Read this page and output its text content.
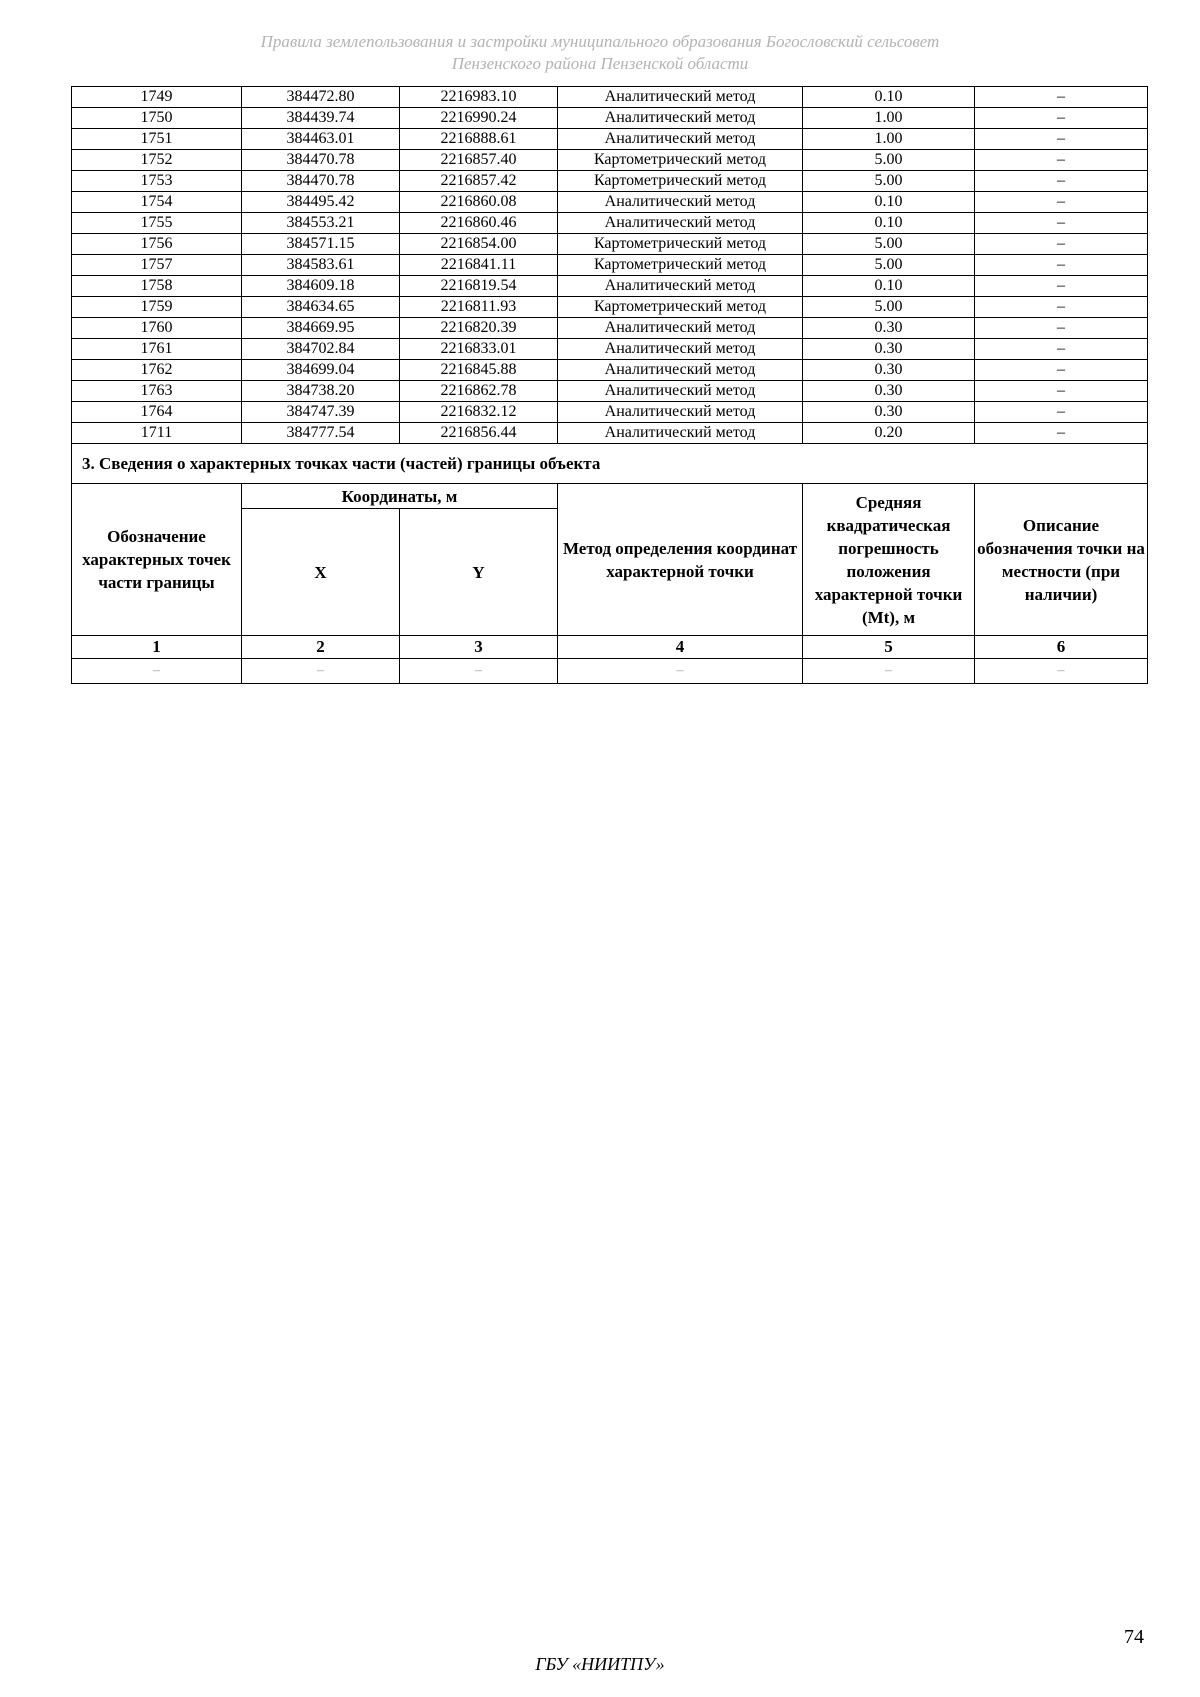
Правила землепользования и застройки муниципального образования Богословский сельсовет
Пензенского района Пензенской области
1749	384472.80	2216983.10	Аналитический метод	0.10	–
1750	384439.74	2216990.24	Аналитический метод	1.00	–
1751	384463.01	2216888.61	Аналитический метод	1.00	–
1752	384470.78	2216857.40	Картометрический метод	5.00	–
1753	384470.78	2216857.42	Картометрический метод	5.00	–
1754	384495.42	2216860.08	Аналитический метод	0.10	–
1755	384553.21	2216860.46	Аналитический метод	0.10	–
1756	384571.15	2216854.00	Картометрический метод	5.00	–
1757	384583.61	2216841.11	Картометрический метод	5.00	–
1758	384609.18	2216819.54	Аналитический метод	0.10	–
1759	384634.65	2216811.93	Картометрический метод	5.00	–
1760	384669.95	2216820.39	Аналитический метод	0.30	–
1761	384702.84	2216833.01	Аналитический метод	0.30	–
1762	384699.04	2216845.88	Аналитический метод	0.30	–
1763	384738.20	2216862.78	Аналитический метод	0.30	–
1764	384747.39	2216832.12	Аналитический метод	0.30	–
1711	384777.54	2216856.44	Аналитический метод	0.20	–
3. Сведения о характерных точках части (частей) границы объекта					
Обозначение характерных точек части границы	Координаты, м		Метод определения координат характерной точки	Средняя квадратическая погрешность положения характерной точки (Mt), м	Описание обозначения точки на местности (при наличии)
	X	Y			
1	2	3	4	5	6
–	–	–	–	–	–
74
ГБУ «НИИТПУ»
